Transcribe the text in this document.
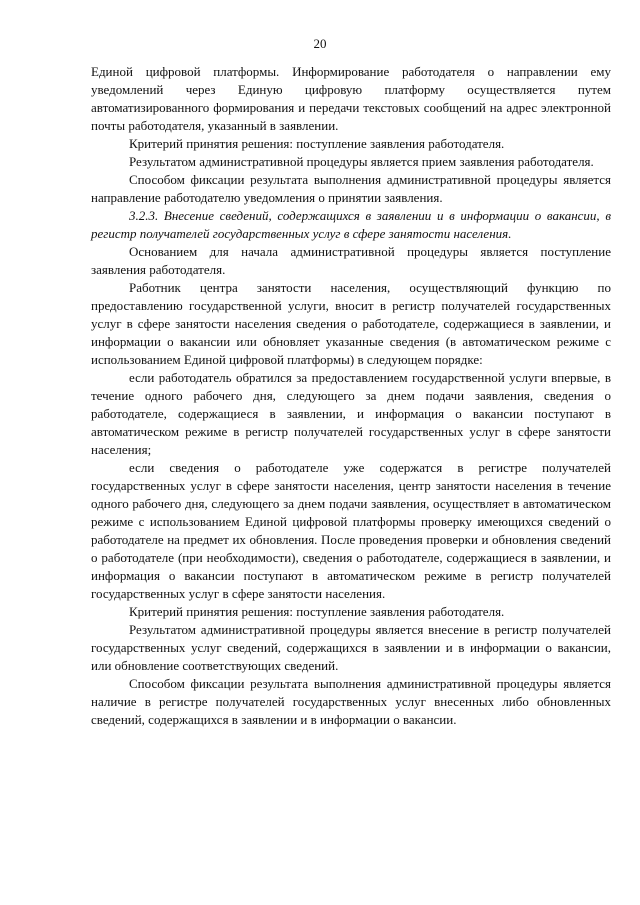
20

Единой цифровой платформы. Информирование работодателя о направлении ему уведомлений через Единую цифровую платформу осуществляется путем автоматизированного формирования и передачи текстовых сообщений на адрес электронной почты работодателя, указанный в заявлении.

Критерий принятия решения: поступление заявления работодателя.

Результатом административной процедуры является прием заявления работодателя.

Способом фиксации результата выполнения административной процедуры является направление работодателю уведомления о принятии заявления.

3.2.3. Внесение сведений, содержащихся в заявлении и в информации о вакансии, в регистр получателей государственных услуг в сфере занятости населения.

Основанием для начала административной процедуры является поступление заявления работодателя.

Работник центра занятости населения, осуществляющий функцию по предоставлению государственной услуги, вносит в регистр получателей государственных услуг в сфере занятости населения сведения о работодателе, содержащиеся в заявлении, и информации о вакансии или обновляет указанные сведения (в автоматическом режиме с использованием Единой цифровой платформы) в следующем порядке:

если работодатель обратился за предоставлением государственной услуги впервые, в течение одного рабочего дня, следующего за днем подачи заявления, сведения о работодателе, содержащиеся в заявлении, и информация о вакансии поступают в автоматическом режиме в регистр получателей государственных услуг в сфере занятости населения;

если сведения о работодателе уже содержатся в регистре получателей государственных услуг в сфере занятости населения, центр занятости населения в течение одного рабочего дня, следующего за днем подачи заявления, осуществляет в автоматическом режиме с использованием Единой цифровой платформы проверку имеющихся сведений о работодателе на предмет их обновления. После проведения проверки и обновления сведений о работодателе (при необходимости), сведения о работодателе, содержащиеся в заявлении, и информация о вакансии поступают в автоматическом режиме в регистр получателей государственных услуг в сфере занятости населения.

Критерий принятия решения: поступление заявления работодателя.

Результатом административной процедуры является внесение в регистр получателей государственных услуг сведений, содержащихся в заявлении и в информации о вакансии, или обновление соответствующих сведений.

Способом фиксации результата выполнения административной процедуры является наличие в регистре получателей государственных услуг внесенных либо обновленных сведений, содержащихся в заявлении и в информации о вакансии.
